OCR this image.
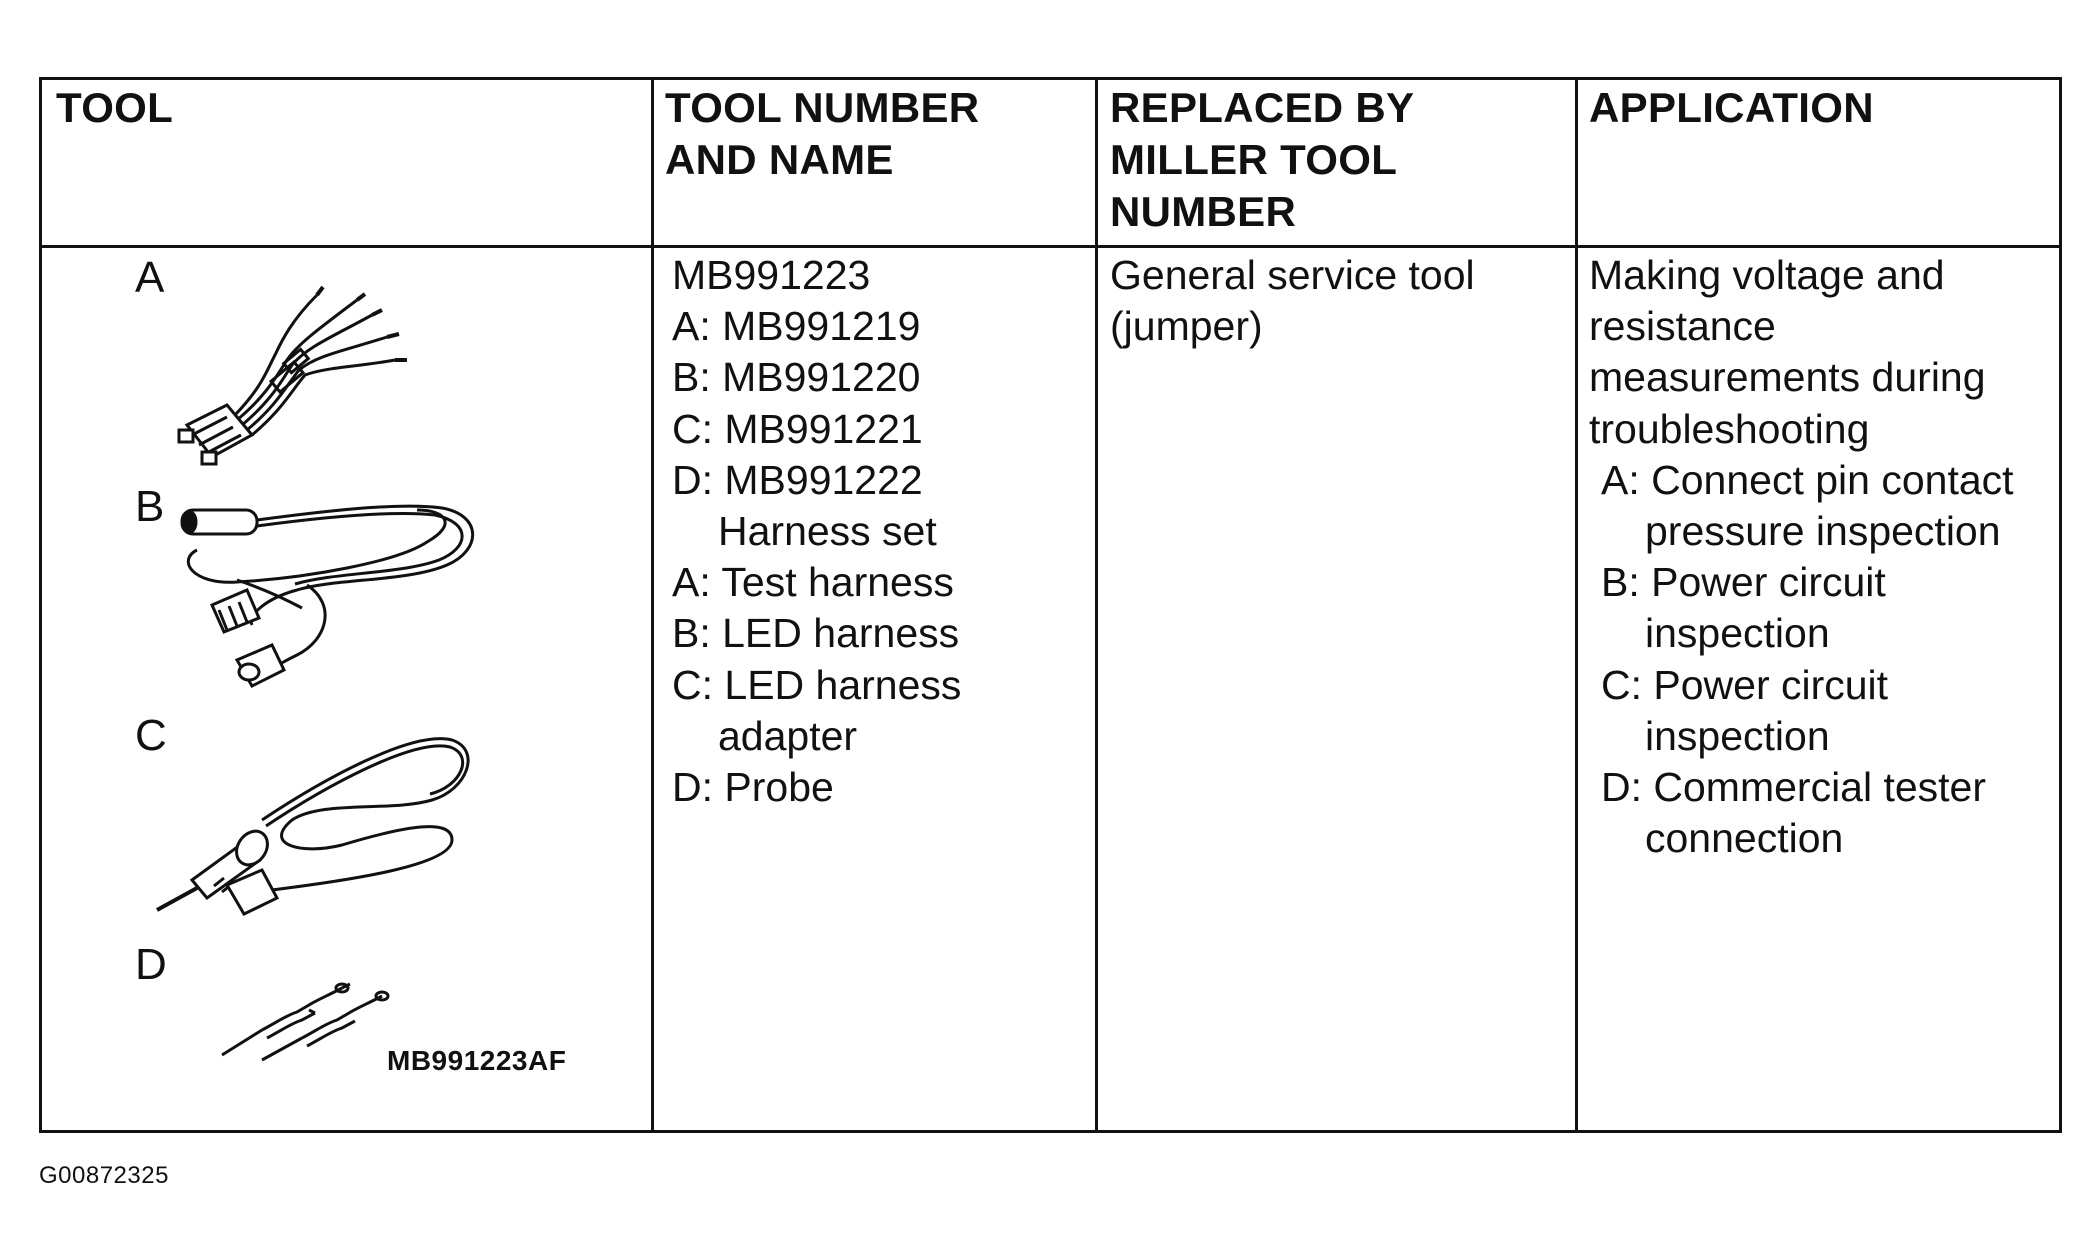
TOOL	TOOL NUMBER
AND NAME
REPLACED BY
MILLER TOOL
NUMBER
APPLICATION
A
B
C
D
MB991223AF
MB991223
A: MB991219
B: MB991220
C: MB991221
D: MB991222
Harness set
A: Test harness
B: LED harness
C: LED harness
adapter
D: Probe
General service tool
(jumper)
Making voltage and
resistance
measurements during
troubleshooting
A: Connect pin contact
pressure inspection
B: Power circuit
inspection
C: Power circuit
inspection
D: Commercial tester
connection
G00872325
